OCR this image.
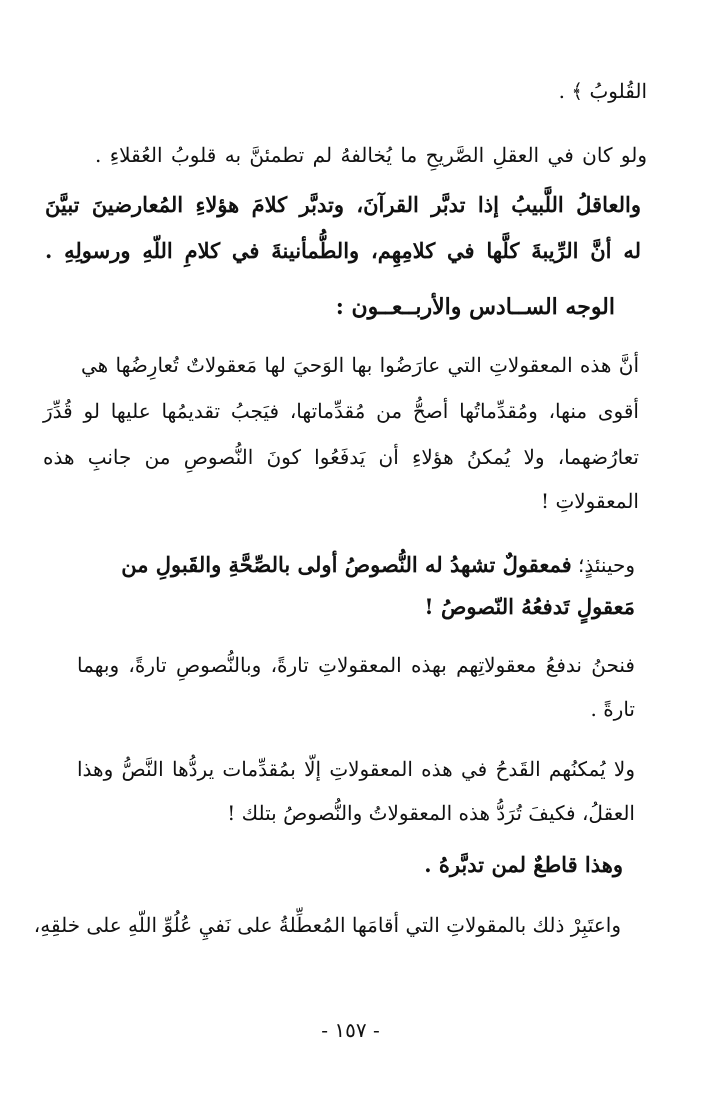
القُلوبُ ﴾ .
ولو كان في العقلِ الصَّريحِ ما يُخالفهُ لم تطمئنَّ به قلوبُ العُقلاءِ .
والعاقلُ اللَّبيبُ إذا تدبَّر القرآنَ، وتدبَّر كلامَ هؤلاءِ المُعارضينَ تبيَّنَ
له أنَّ الرِّيبةَ كلَّها في كلامِهِم، والطُّمأنينةَ في كلامِ اللّهِ ورسولِهِ .
الوجه الســادس والأربــعــون :
أنَّ هذه المعقولاتِ التي عارَضُوا بها الوَحيَ لها مَعقولاتٌ تُعارِضُها هي
أقوى منها، ومُقدِّماتُها أصحُّ من مُقدِّماتها، فيَجبُ تقديمُها عليها لو قُدِّرَ
تعارُضهما، ولا يُمكنُ هؤلاءِ أن يَدفَعُوا كونَ النُّصوصِ من جانبِ هذه
المعقولاتِ !
وحينئذٍ؛ فمعقولٌ تشهدُ له النُّصوصُ أولى بالصِّحَّةِ والقَبولِ من
مَعقولٍ تَدفعُهُ النّصوصُ !
فنحنُ ندفعُ معقولاتِهم بهذه المعقولاتِ تارةً، وبالنُّصوصِ تارةً، وبهما
تارةً .
ولا يُمكنُهم القَدحُ في هذه المعقولاتِ إلّا بمُقدِّمات يردُّها النَّصُّ وهذا
العقلُ، فكيفَ تُرَدُّ هذه المعقولاتُ والنُّصوصُ بتلك !
وهذا قاطعٌ لمن تدبَّرهُ .
واعتَبِرْ ذلك بالمقولاتِ التي أقامَها المُعطِّلةُ على نَفيِ عُلُوِّ اللّهِ على خلقِهِ،
- ١٥٧ -
